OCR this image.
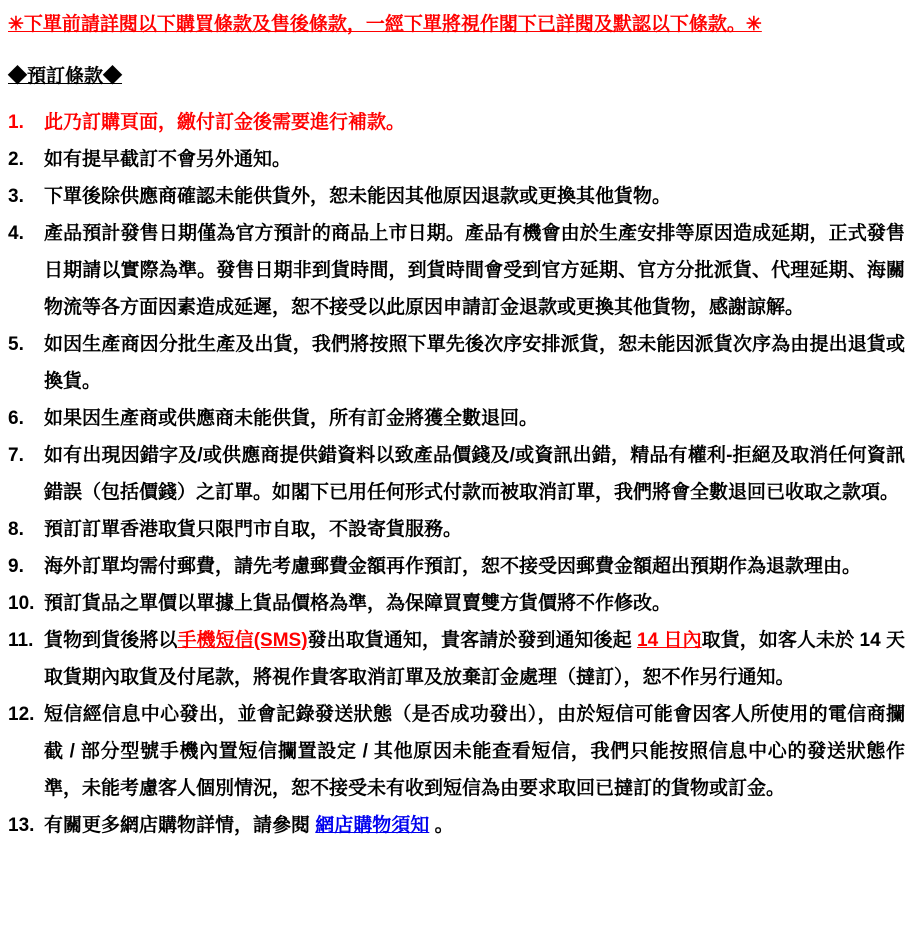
✳下單前請詳閱以下購買條款及售後條款，一經下單將視作閣下已詳閱及默認以下條款。✳
◆預訂條款◆
1.	此乃訂購頁面，繳付訂金後需要進行補款。
2.	如有提早截訂不會另外通知。
3.	下單後除供應商確認未能供貨外，恕未能因其他原因退款或更換其他貨物。
4.	產品預計發售日期僅為官方預計的商品上市日期。產品有機會由於生產安排等原因造成延期，正式發售日期請以實際為準。發售日期非到貨時間，到貨時間會受到官方延期、官方分批派貨、代理延期、海關物流等各方面因素造成延遲，恕不接受以此原因申請訂金退款或更換其他貨物，感謝諒解。
5.	如因生產商因分批生產及出貨，我們將按照下單先後次序安排派貨，恕未能因派貨次序為由提出退貨或換貨。
6.	如果因生產商或供應商未能供貨，所有訂金將獲全數退回。
7.	如有出現因錯字及/或供應商提供錯資料以致產品價錢及/或資訊出錯，精品有權利-拒絕及取消任何資訊錯誤（包括價錢）之訂單。如閣下已用任何形式付款而被取消訂單，我們將會全數退回已收取之款項。
8.	預訂訂單香港取貨只限門市自取，不設寄貨服務。
9.	海外訂單均需付郵費，請先考慮郵費金額再作預訂，恕不接受因郵費金額超出預期作為退款理由。
10. 預訂貨品之單價以單據上貨品價格為準，為保障買賣雙方貨價將不作修改。
11. 貨物到貨後將以手機短信(SMS)發出取貨通知，貴客請於發到通知後起 14 日內取貨，如客人未於 14 天取貨期內取貨及付尾款，將視作貴客取消訂單及放棄訂金處理（撻訂），恕不作另行通知。
12. 短信經信息中心發出，並會記錄發送狀態（是否成功發出），由於短信可能會因客人所使用的電信商攔截 / 部分型號手機內置短信攔置設定 / 其他原因未能查看短信，我們只能按照信息中心的發送狀態作準，未能考慮客人個別情況，恕不接受未有收到短信為由要求取回已撻訂的貨物或訂金。
13. 有關更多網店購物詳情，請參閱 網店購物須知 。
